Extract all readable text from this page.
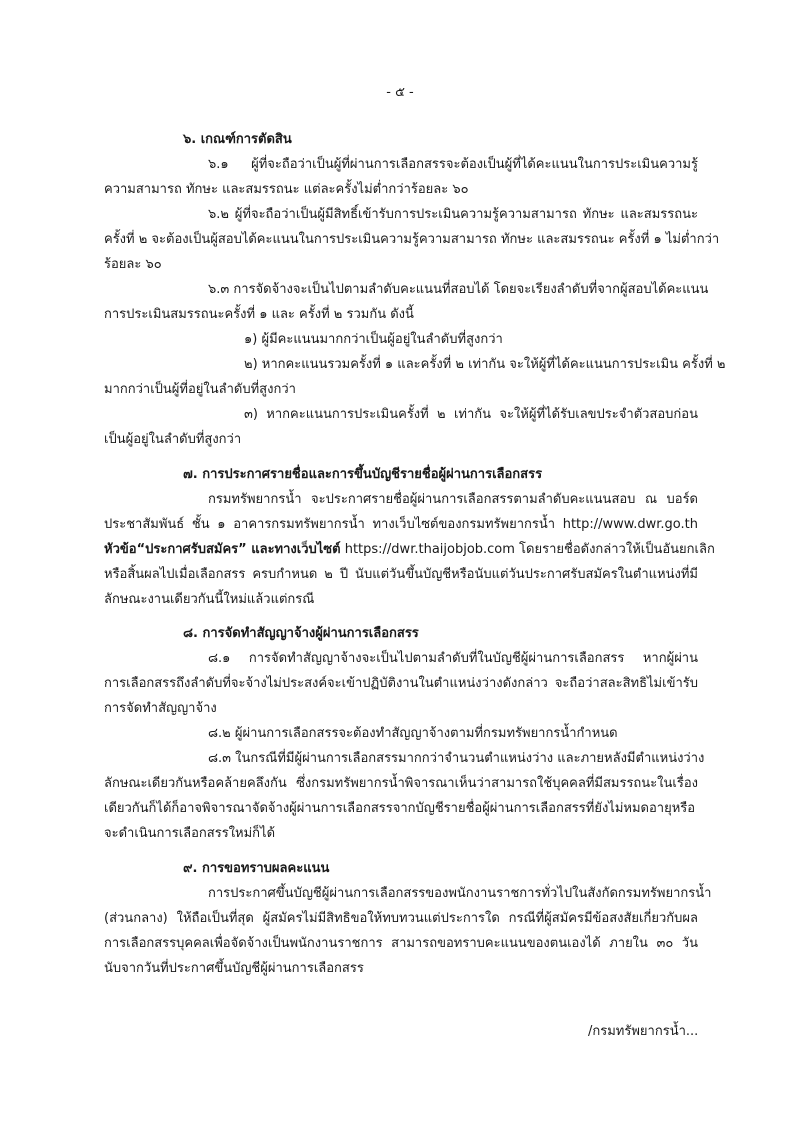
- ๕ -
๖. เกณฑ์การตัดสิน
๖.๑ ผู้ที่จะถือว่าเป็นผู้ที่ผ่านการเลือกสรรจะต้องเป็นผู้ที่ได้คะแนนในการประเมินความรู้
ความสามารถ ทักษะ และสมรรถนะ แต่ละครั้งไม่ต่ำกว่าร้อยละ ๖๐
๖.๒ ผู้ที่จะถือว่าเป็นผู้มีสิทธิ์เข้ารับการประเมินความรู้ความสามารถ ทักษะ และสมรรถนะ
ครั้งที่ ๒ จะต้องเป็นผู้สอบได้คะแนนในการประเมินความรู้ความสามารถ ทักษะ และสมรรถนะ ครั้งที่ ๑ ไม่ต่ำกว่า
ร้อยละ ๖๐
๖.๓ การจัดจ้างจะเป็นไปตามลำดับคะแนนที่สอบได้ โดยจะเรียงลำดับที่จากผู้สอบได้คะแนน
การประเมินสมรรถนะครั้งที่ ๑ และ ครั้งที่ ๒ รวมกัน ดังนี้
๑) ผู้มีคะแนนมากกว่าเป็นผู้อยู่ในลำดับที่สูงกว่า
๒) หากคะแนนรวมครั้งที่ ๑ และครั้งที่ ๒ เท่ากัน จะให้ผู้ที่ได้คะแนนการประเมิน ครั้งที่ ๒
มากกว่าเป็นผู้ที่อยู่ในลำดับที่สูงกว่า
๓) หากคะแนนการประเมินครั้งที่ ๒ เท่ากัน จะให้ผู้ที่ได้รับเลขประจำตัวสอบก่อน
เป็นผู้อยู่ในลำดับที่สูงกว่า
๗. การประกาศรายชื่อและการขึ้นบัญชีรายชื่อผู้ผ่านการเลือกสรร
กรมทรัพยากรน้ำ จะประกาศรายชื่อผู้ผ่านการเลือกสรรตามลำดับคะแนนสอบ ณ บอร์ด
ประชาสัมพันธ์ ชั้น ๑ อาคารกรมทรัพยากรน้ำ ทางเว็บไซต์ของกรมทรัพยากรน้ำ http://www.dwr.go.th
หัวข้อ“ประกาศรับสมัคร” และทางเว็บไซต์ https://dwr.thaijobjob.com โดยรายชื่อดังกล่าวให้เป็นอันยกเลิก
หรือสิ้นผลไปเมื่อเลือกสรร ครบกำหนด ๒ ปี นับแต่วันขึ้นบัญชีหรือนับแต่วันประกาศรับสมัครในตำแหน่งที่มี
ลักษณะงานเดียวกันนี้ใหม่แล้วแต่กรณี
๘. การจัดทำสัญญาจ้างผู้ผ่านการเลือกสรร
๘.๑ การจัดทำสัญญาจ้างจะเป็นไปตามลำดับที่ในบัญชีผู้ผ่านการเลือกสรร หากผู้ผ่าน
การเลือกสรรถึงลำดับที่จะจ้างไม่ประสงค์จะเข้าปฏิบัติงานในตำแหน่งว่างดังกล่าว จะถือว่าสละสิทธิไม่เข้ารับ
การจัดทำสัญญาจ้าง
๘.๒ ผู้ผ่านการเลือกสรรจะต้องทำสัญญาจ้างตามที่กรมทรัพยากรน้ำกำหนด
๘.๓ ในกรณีที่มีผู้ผ่านการเลือกสรรมากกว่าจำนวนตำแหน่งว่าง และภายหลังมีตำแหน่งว่าง
ลักษณะเดียวกันหรือคล้ายคลึงกัน ซึ่งกรมทรัพยากรน้ำพิจารณาเห็นว่าสามารถใช้บุคคลที่มีสมรรถนะในเรื่อง
เดียวกันก็ได้ก็อาจพิจารณาจัดจ้างผู้ผ่านการเลือกสรรจากบัญชีรายชื่อผู้ผ่านการเลือกสรรที่ยังไม่หมดอายุหรือ
จะดำเนินการเลือกสรรใหม่ก็ได้
๙. การขอทราบผลคะแนน
การประกาศขึ้นบัญชีผู้ผ่านการเลือกสรรของพนักงานราชการทั่วไปในสังกัดกรมทรัพยากรน้ำ
(ส่วนกลาง) ให้ถือเป็นที่สุด ผู้สมัครไม่มีสิทธิขอให้ทบทวนแต่ประการใด กรณีที่ผู้สมัครมีข้อสงสัยเกี่ยวกับผล
การเลือกสรรบุคคลเพื่อจัดจ้างเป็นพนักงานราชการ สามารถขอทราบคะแนนของตนเองได้ ภายใน ๓๐ วัน
นับจากวันที่ประกาศขึ้นบัญชีผู้ผ่านการเลือกสรร
/กรมทรัพยากรน้ำ...
